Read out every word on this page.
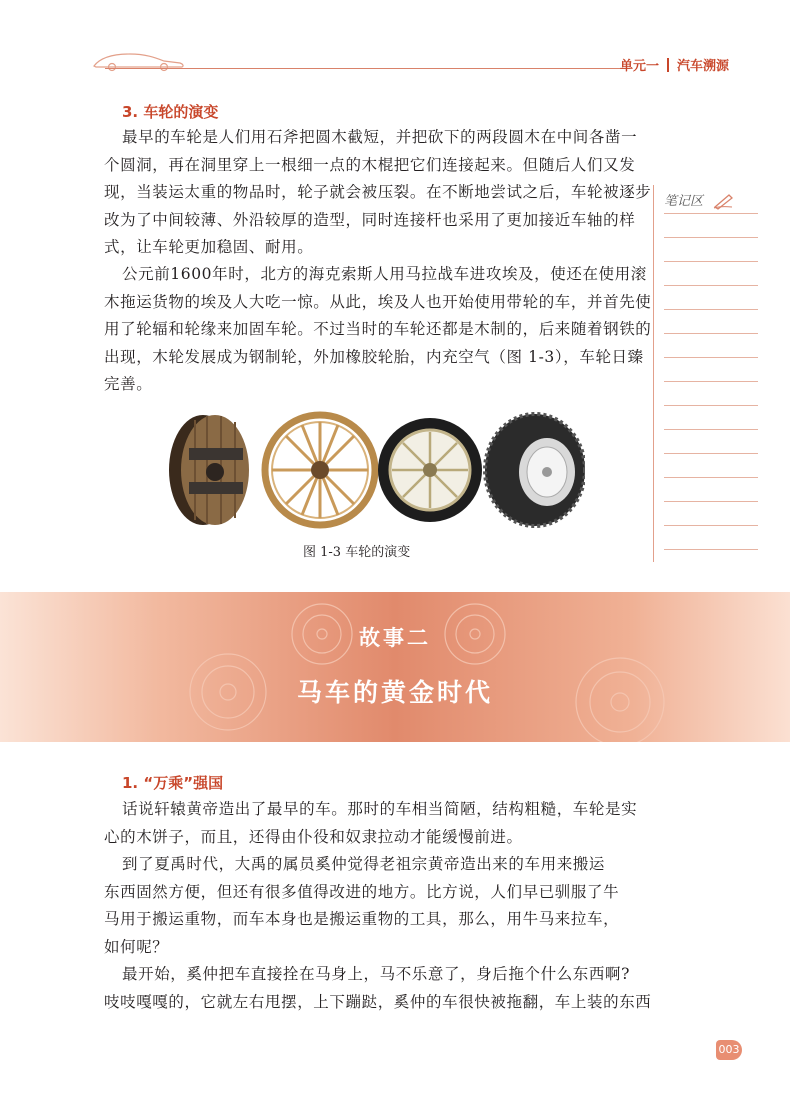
单元一 汽车溯源
3. 车轮的演变
最早的车轮是人们用石斧把圆木截短，并把砍下的两段圆木在中间各凿一
个圆洞，再在洞里穿上一根细一点的木棍把它们连接起来。但随后人们又发
现，当装运太重的物品时，轮子就会被压裂。在不断地尝试之后，车轮被逐步
改为了中间较薄、外沿较厚的造型，同时连接杆也采用了更加接近车轴的样
式，让车轮更加稳固、耐用。
公元前1600年时，北方的海克索斯人用马拉战车进攻埃及，使还在使用滚
木拖运货物的埃及人大吃一惊。从此，埃及人也开始使用带轮的车，并首先使
用了轮辐和轮缘来加固车轮。不过当时的车轮还都是木制的，后来随着钢铁的
出现，木轮发展成为钢制轮，外加橡胶轮胎，内充空气（图 1-3），车轮日臻
完善。
笔记区
图 1-3 车轮的演变
故事二
马车的黄金时代
1. “万乘”强国
话说轩辕黄帝造出了最早的车。那时的车相当简陋，结构粗糙，车轮是实
心的木饼子，而且，还得由仆役和奴隶拉动才能缓慢前进。
到了夏禹时代，大禹的属员奚仲觉得老祖宗黄帝造出来的车用来搬运
东西固然方便，但还有很多值得改进的地方。比方说，人们早已驯服了牛
马用于搬运重物，而车本身也是搬运重物的工具，那么，用牛马来拉车，
如何呢？
最开始，奚仲把车直接拴在马身上，马不乐意了，身后拖个什么东西啊?
吱吱嘎嘎的，它就左右甩摆，上下蹦跶，奚仲的车很快被拖翻，车上装的东西
003
